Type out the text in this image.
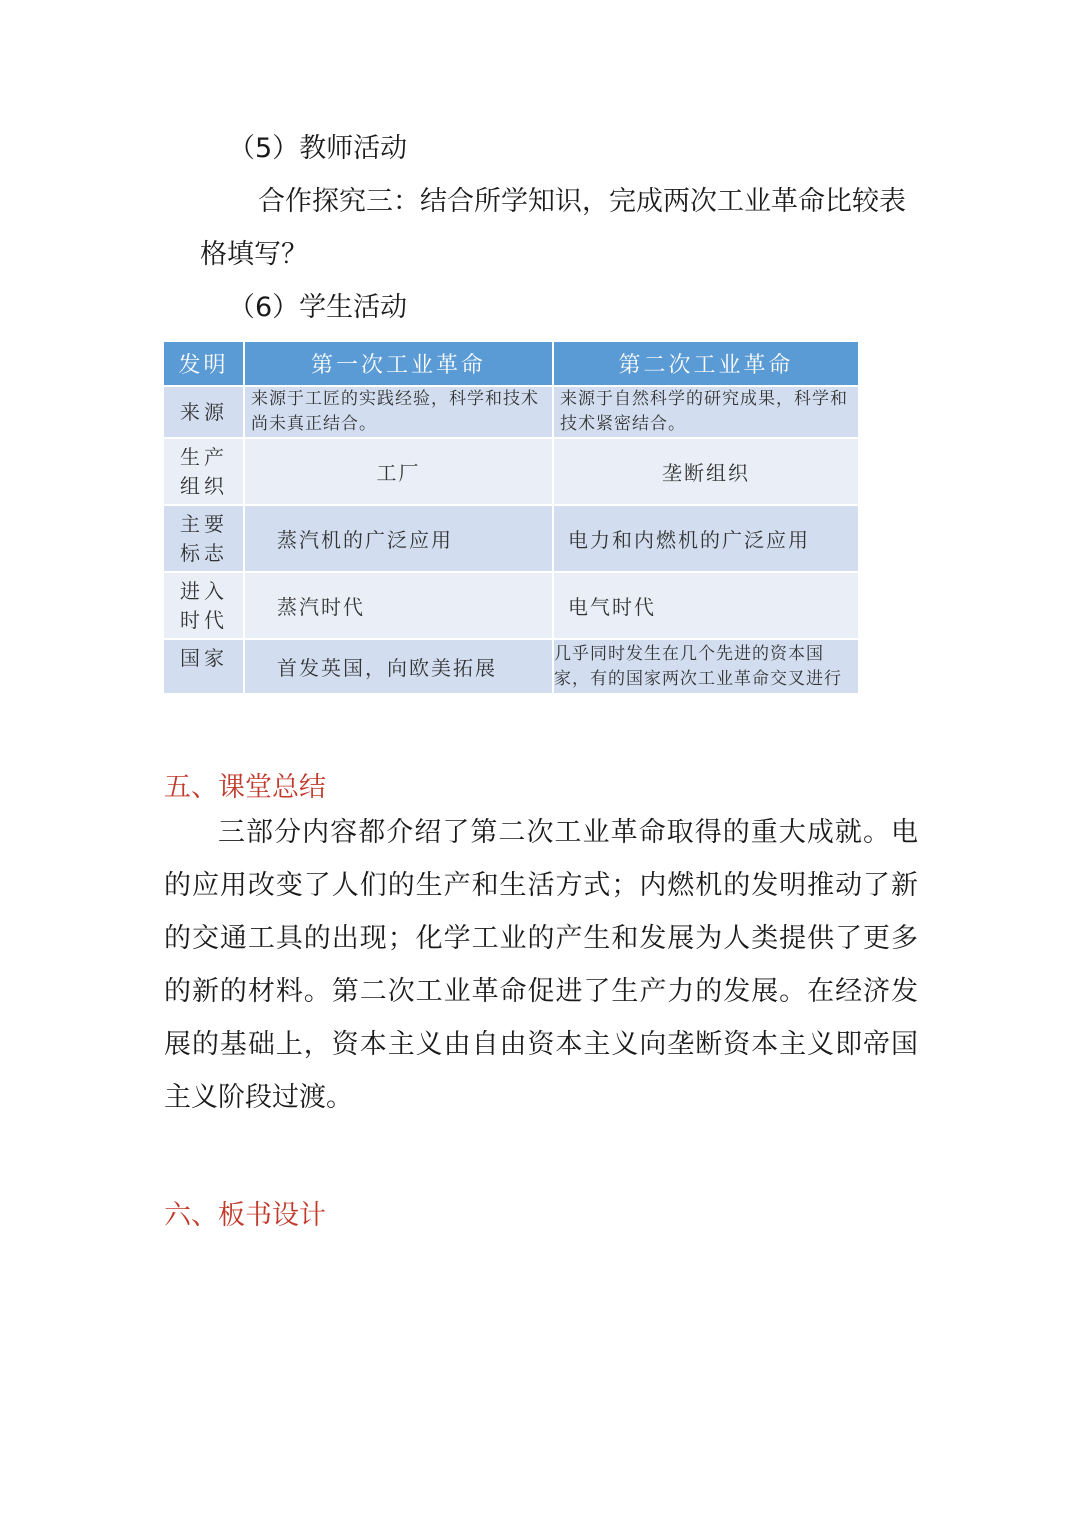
（5）教师活动

合作探究三：结合所学知识，完成两次工业革命比较表格填写？

（6）学生活动

发明	第一次工业革命	第二次工业革命
来源	来源于工匠的实践经验，科学和技术尚未真正结合。	来源于自然科学的研究成果，科学和技术紧密结合。
生产组织	工厂	垄断组织
主要标志	蒸汽机的广泛应用	电力和内燃机的广泛应用
进入时代	蒸汽时代	电气时代
国家	首发英国，向欧美拓展	几乎同时发生在几个先进的资本国家，有的国家两次工业革命交叉进行
五、课堂总结

三部分内容都介绍了第二次工业革命取得的重大成就。电的应用改变了人们的生产和生活方式；内燃机的发明推动了新的交通工具的出现；化学工业的产生和发展为人类提供了更多的新的材料。第二次工业革命促进了生产力的发展。在经济发展的基础上，资本主义由自由资本主义向垄断资本主义即帝国主义阶段过渡。

六、板书设计
